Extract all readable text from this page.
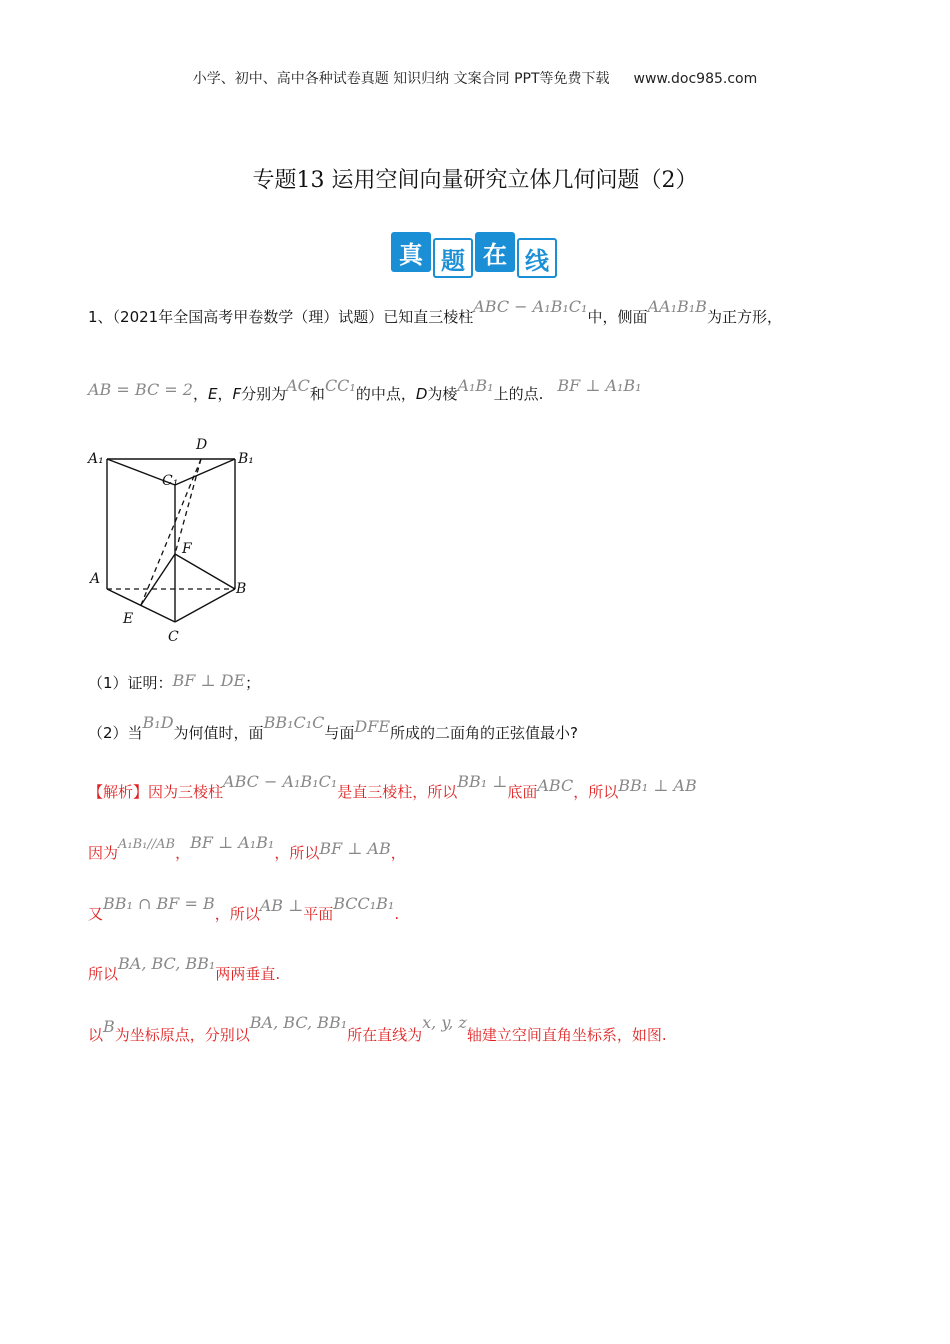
小学、初中、高中各种试卷真题 知识归纳 文案合同 PPT等免费下载 www.doc985.com
专题13 运用空间向量研究立体几何问题（2）
真 题 在 线
1、（2021年全国高考甲卷数学（理）试题）已知直三棱柱ABC − A₁B₁C₁中，侧面AA₁B₁B为正方形，
AB = BC = 2，E，F分别为AC和CC₁的中点，D为棱A₁B₁上的点. BF ⊥ A₁B₁
A₁
D
B₁
C₁
F
A
B
E
C
（1）证明：BF ⊥ DE；
（2）当B₁D为何值时，面BB₁C₁C与面DFE所成的二面角的正弦值最小?
【解析】因为三棱柱ABC − A₁B₁C₁是直三棱柱，所以BB₁ ⊥底面ABC，所以BB₁ ⊥ AB
因为A₁B₁//AB，BF ⊥ A₁B₁，所以BF ⊥ AB，
又BB₁ ∩ BF = B，所以AB ⊥平面BCC₁B₁.
所以BA, BC, BB₁两两垂直.
以B为坐标原点，分别以BA, BC, BB₁所在直线为x, y, z轴建立空间直角坐标系，如图.
